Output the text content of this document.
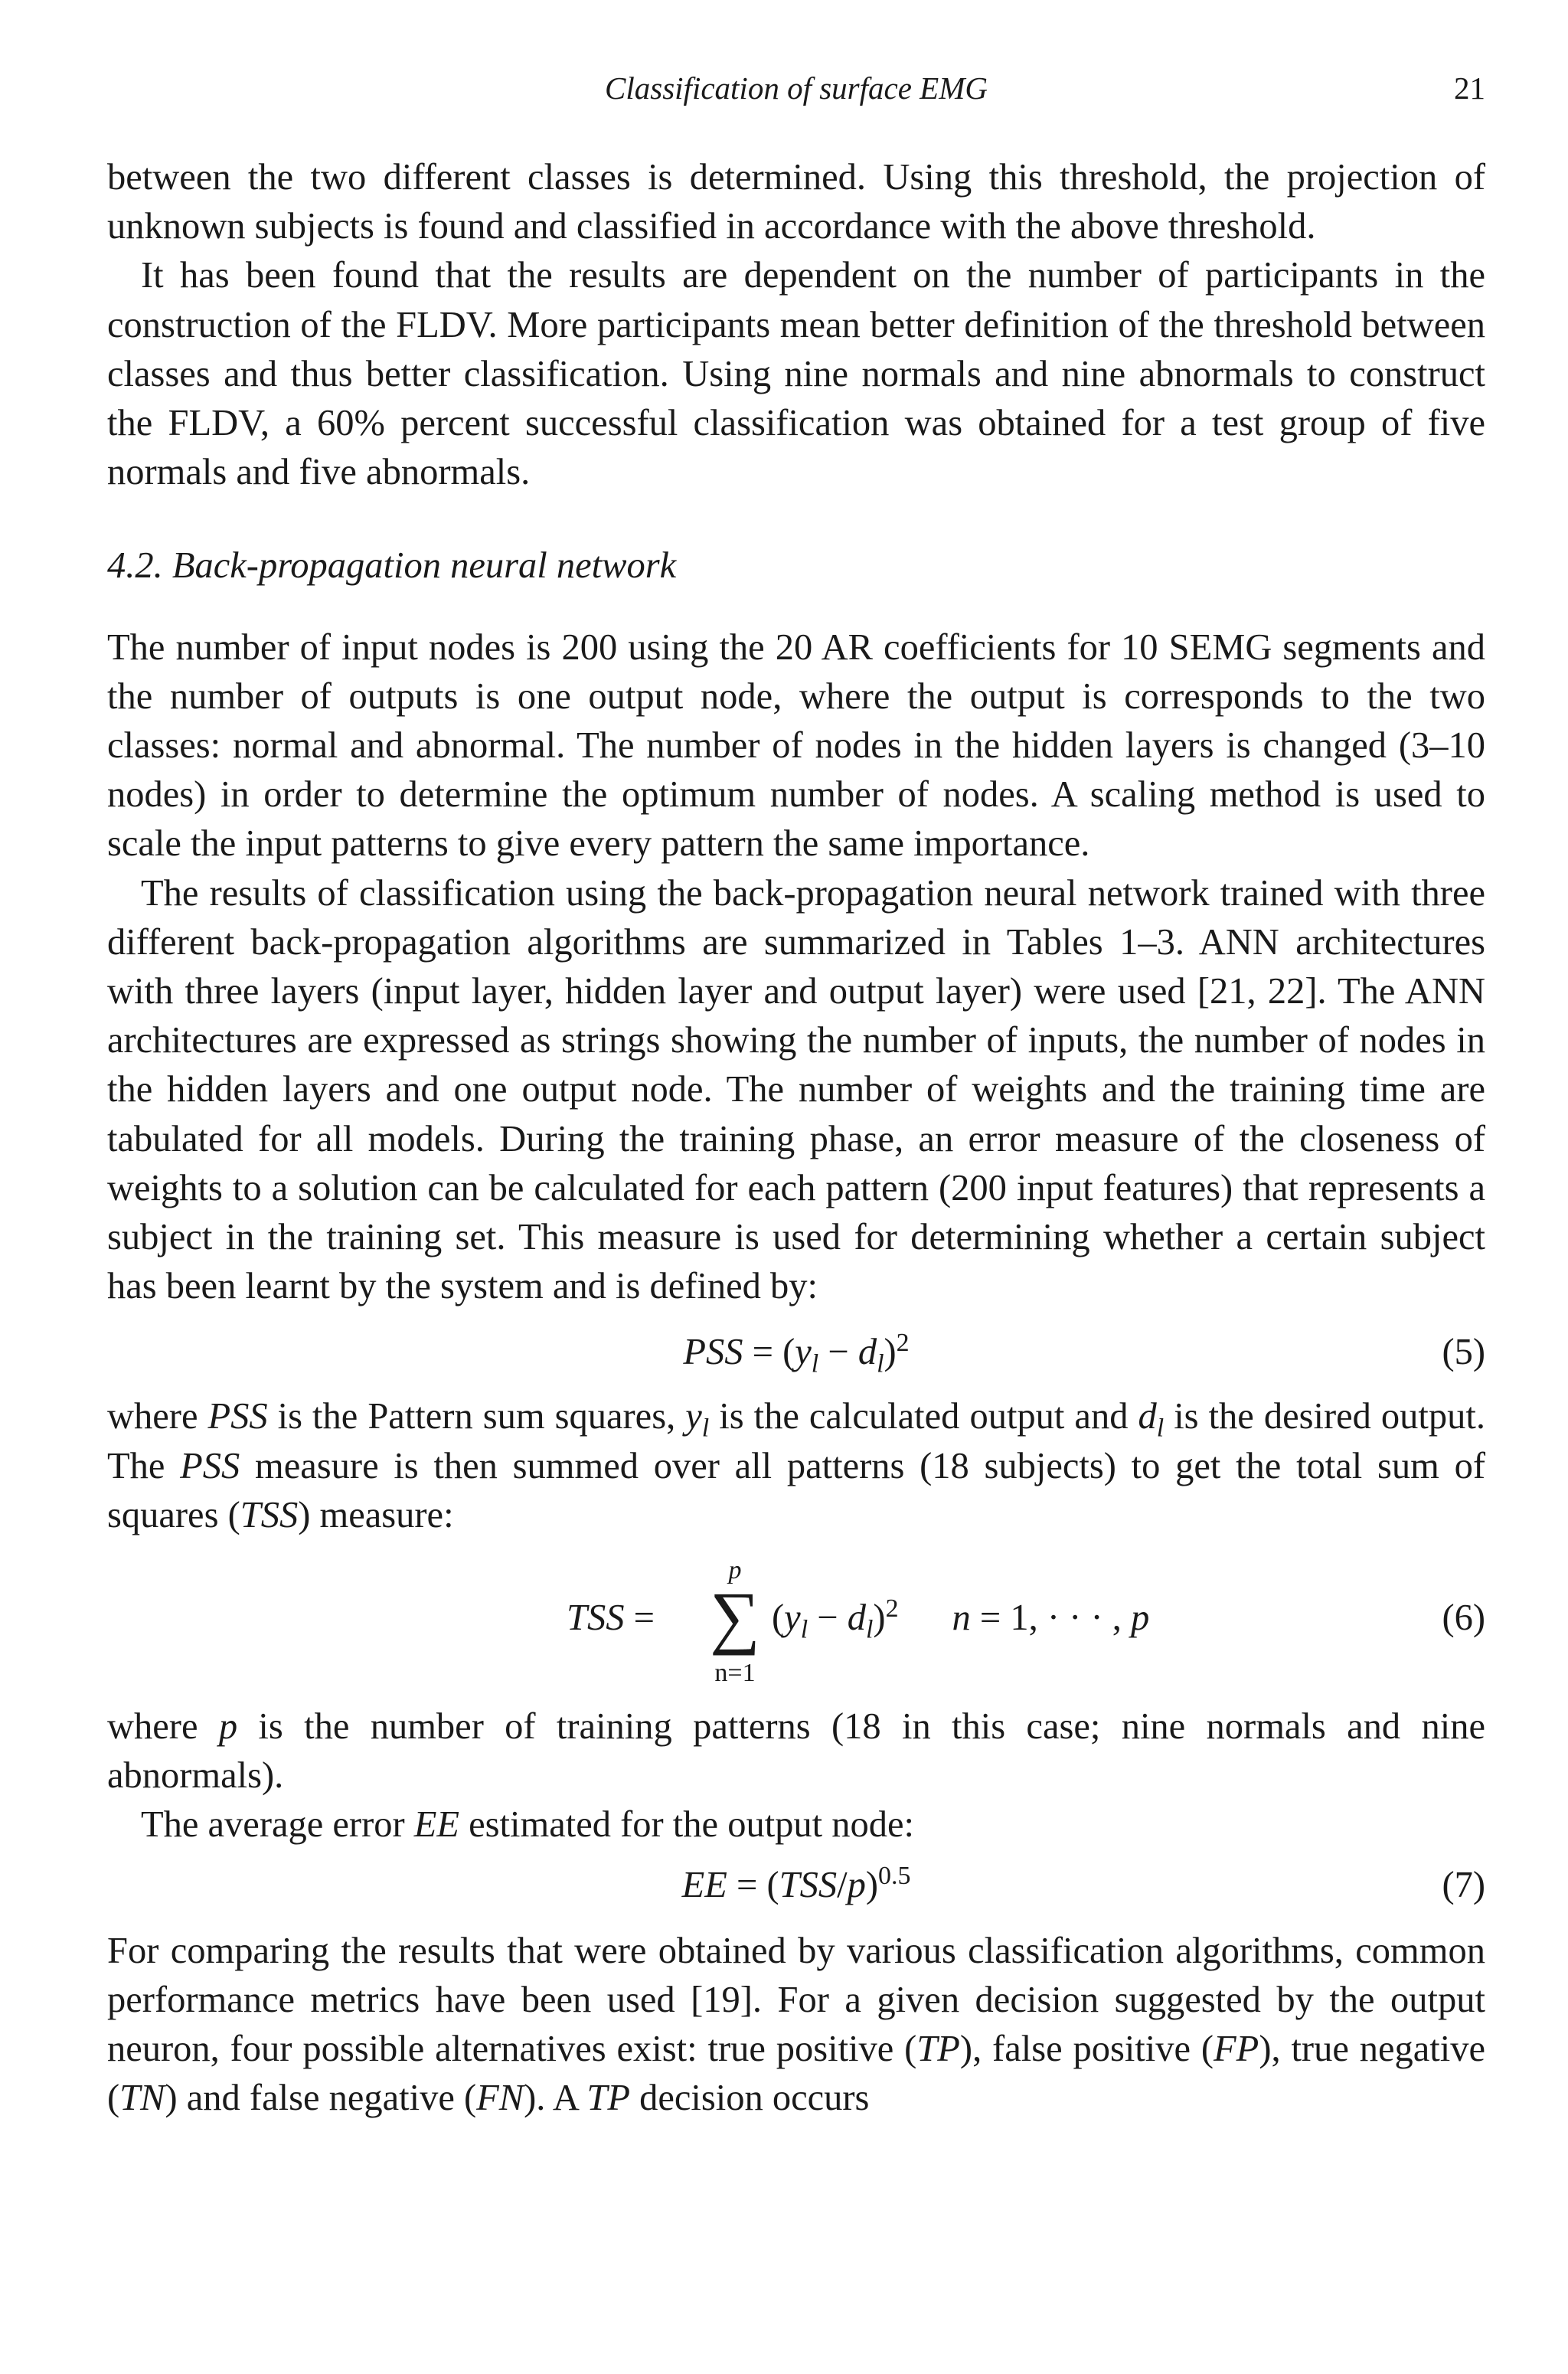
Classification of surface EMG	21

between the two different classes is determined. Using this threshold, the projection of unknown subjects is found and classified in accordance with the above threshold.

It has been found that the results are dependent on the number of participants in the construction of the FLDV. More participants mean better definition of the threshold between classes and thus better classification. Using nine normals and nine abnormals to construct the FLDV, a 60% percent successful classification was obtained for a test group of five normals and five abnormals.

4.2. Back-propagation neural network

The number of input nodes is 200 using the 20 AR coefficients for 10 SEMG segments and the number of outputs is one output node, where the output is corresponds to the two classes: normal and abnormal. The number of nodes in the hidden layers is changed (3–10 nodes) in order to determine the optimum number of nodes. A scaling method is used to scale the input patterns to give every pattern the same importance.

The results of classification using the back-propagation neural network trained with three different back-propagation algorithms are summarized in Tables 1–3. ANN architectures with three layers (input layer, hidden layer and output layer) were used [21, 22]. The ANN architectures are expressed as strings showing the number of inputs, the number of nodes in the hidden layers and one output node. The number of weights and the training time are tabulated for all models. During the training phase, an error measure of the closeness of weights to a solution can be calculated for each pattern (200 input features) that represents a subject in the training set. This measure is used for determining whether a certain subject has been learnt by the system and is defined by:

PSS = $(y_l - d_l)^2$	(5)

where PSS is the Pattern sum squares, $y_l$ is the calculated output and $d_l$ is the desired output. The PSS measure is then summed over all patterns (18 subjects) to get the total sum of squares (TSS) measure:

TSS =
p
∑
n=1
$(y_l - d_l)^2$ n = 1, · · · , p	(6)

where p is the number of training patterns (18 in this case; nine normals and nine abnormals).

The average error EE estimated for the output node:

EE = $(TSS/p)^{0.5}$	(7)

For comparing the results that were obtained by various classification algorithms, common performance metrics have been used [19]. For a given decision suggested by the output neuron, four possible alternatives exist: true positive (TP), false positive (FP), true negative (TN) and false negative (FN). A TP decision occurs
